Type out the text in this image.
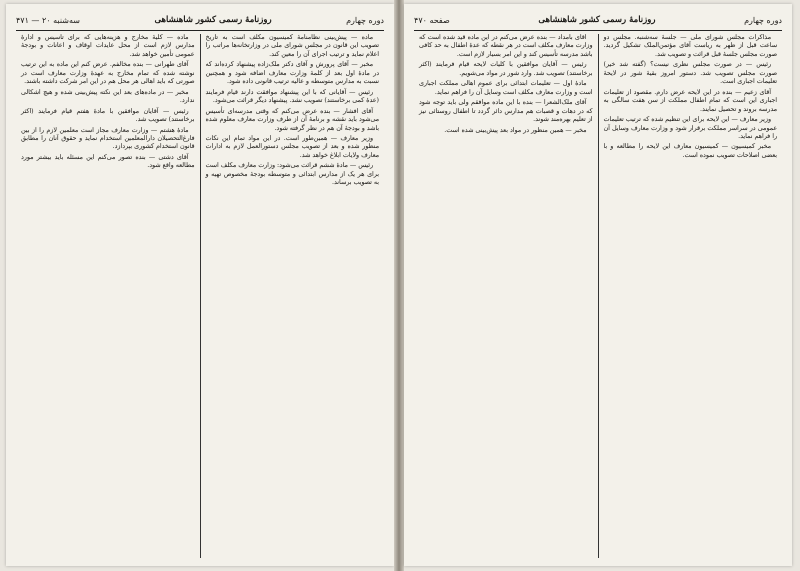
دوره چهارم
روزنامهٔ رسمی کشور شاهنشاهی
سه‌شنبه ۲۰ — ۴۷۱

ماده — پیش‌بینی نظامنامهٔ کمیسیون مکلف است به تاریخ تصویب این قانون در مجلس شورای ملی در وزارتخانه‌ها مراتب را اعلام نماید و ترتیب اجرای آن را معین کند.

مخبر — آقای پرورش و آقای دکتر ملک‌زاده پیشنهاد کرده‌اند که در مادهٔ اول بعد از کلمهٔ وزارت معارف اضافه شود و همچنین نسبت به مدارس متوسطه و عالیه ترتیب قانونی داده شود.

رئیس — آقایانی که با این پیشنهاد موافقت دارند قیام فرمایند (عدهٔ کمی برخاستند) تصویب نشد. پیشنهاد دیگر قرائت می‌شود.

آقای افشار — بنده عرض می‌کنم که وقتی مدرسه‌ای تأسیس می‌شود باید نقشه و برنامهٔ آن از طرف وزارت معارف معلوم شده باشد و بودجهٔ آن هم در نظر گرفته شود.

وزیر معارف — همین‌طور است. در این مواد تمام این نکات منظور شده و بعد از تصویب مجلس دستورالعمل لازم به ادارات معارف ولایات ابلاغ خواهد شد.

رئیس — مادهٔ ششم قرائت می‌شود: وزارت معارف مکلف است برای هر یک از مدارس ابتدائی و متوسطه بودجهٔ مخصوص تهیه و به تصویب برساند.

ماده — کلیهٔ مخارج و هزینه‌هایی که برای تأسیس و ادارهٔ مدارس لازم است از محل عایدات اوقاف و اعانات و بودجهٔ عمومی تأمین خواهد شد.

آقای طهرانی — بنده مخالفم. عرض کنم این ماده به این ترتیب نوشته شده که تمام مخارج به عهدهٔ وزارت معارف است در صورتی که باید اهالی هر محل هم در این امر شرکت داشته باشند.

مخبر — در ماده‌های بعد این نکته پیش‌بینی شده و هیچ اشکالی ندارد.

رئیس — آقایان موافقین با مادهٔ هفتم قیام فرمایند (اکثر برخاستند) تصویب شد.

مادهٔ هشتم — وزارت معارف مجاز است معلمین لازم را از بین فارغ‌التحصیلان دارالمعلمین استخدام نماید و حقوق آنان را مطابق قانون استخدام کشوری بپردازد.

آقای دشتی — بنده تصور می‌کنم این مسئله باید بیشتر مورد مطالعه واقع شود.

دوره چهارم
روزنامهٔ رسمی کشور شاهنشاهی
صفحه ۴۷۰

مذاکرات مجلس شورای ملی — جلسهٔ سه‌شنبه. مجلس دو ساعت قبل از ظهر به ریاست آقای مؤتمن‌الملک تشکیل گردید. صورت مجلس جلسهٔ قبل قرائت و تصویب شد.

رئیس — در صورت مجلس نظری نیست؟ (گفته شد خیر) صورت مجلس تصویب شد. دستور امروز بقیهٔ شور در لایحهٔ تعلیمات اجباری است.

آقای زعیم — بنده در این لایحه عرض دارم. مقصود از تعلیمات اجباری این است که تمام اطفال مملکت از سن هفت سالگی به مدرسه بروند و تحصیل نمایند.

وزیر معارف — این لایحه برای این تنظیم شده که ترتیب تعلیمات عمومی در سراسر مملکت برقرار شود و وزارت معارف وسایل آن را فراهم نماید.

مخبر کمیسیون — کمیسیون معارف این لایحه را مطالعه و با بعضی اصلاحات تصویب نموده است.

آقای بامداد — بنده عرض می‌کنم در این ماده قید شده است که وزارت معارف مکلف است در هر نقطه که عدهٔ اطفال به حد کافی باشد مدرسه تأسیس کند و این امر بسیار لازم است.

رئیس — آقایان موافقین با کلیات لایحه قیام فرمایند (اکثر برخاستند) تصویب شد. وارد شور در مواد می‌شویم.

مادهٔ اول — تعلیمات ابتدائی برای عموم اهالی مملکت اجباری است و وزارت معارف مکلف است وسایل آن را فراهم نماید.

آقای ملک‌الشعرا — بنده با این ماده موافقم ولی باید توجه شود که در دهات و قصبات هم مدارس دائر گردد تا اطفال روستائی نیز از تعلیم بهره‌مند شوند.

مخبر — همین منظور در مواد بعد پیش‌بینی شده است.
